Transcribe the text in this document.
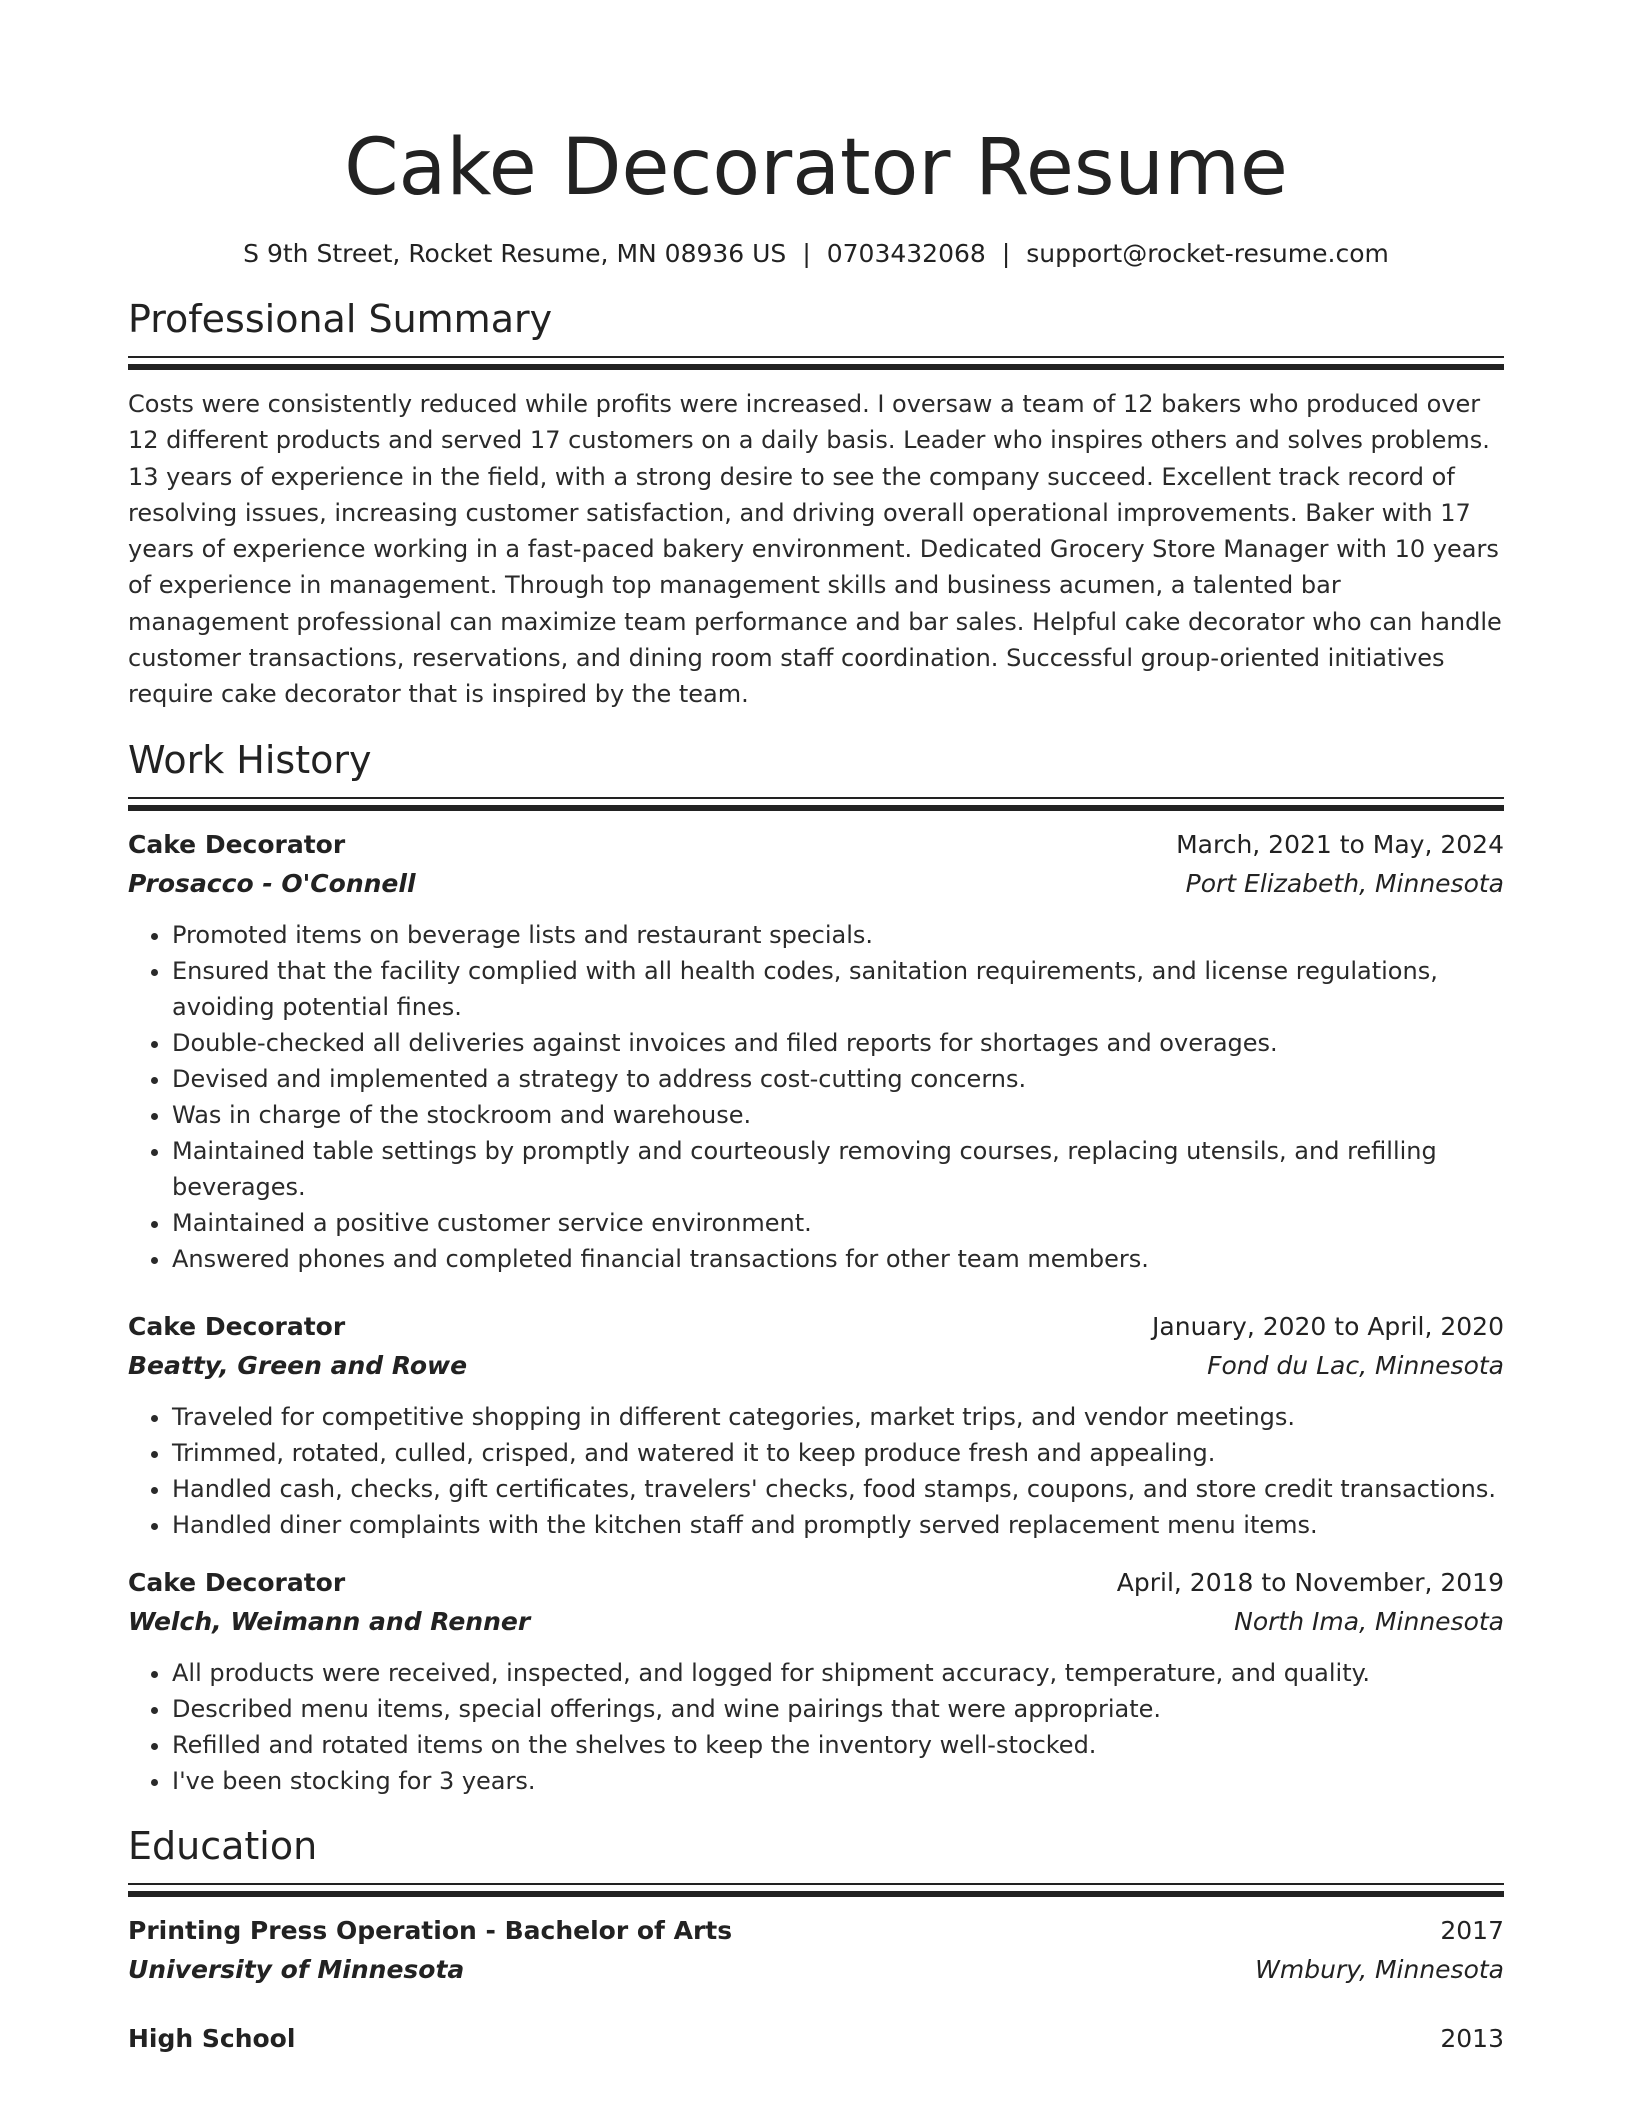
Cake Decorator Resume
S 9th Street, Rocket Resume, MN 08936 US | 0703432068 | support@rocket-resume.com
Professional Summary
Costs were consistently reduced while profits were increased. I oversaw a team of 12 bakers who produced over 12 different products and served 17 customers on a daily basis. Leader who inspires others and solves problems. 13 years of experience in the field, with a strong desire to see the company succeed. Excellent track record of resolving issues, increasing customer satisfaction, and driving overall operational improvements. Baker with 17 years of experience working in a fast-paced bakery environment. Dedicated Grocery Store Manager with 10 years of experience in management. Through top management skills and business acumen, a talented bar management professional can maximize team performance and bar sales. Helpful cake decorator who can handle customer transactions, reservations, and dining room staff coordination. Successful group-oriented initiatives require cake decorator that is inspired by the team.
Work History
Cake Decorator	March, 2021 to May, 2024
Prosacco - O'Connell	Port Elizabeth, Minnesota
• Promoted items on beverage lists and restaurant specials.
• Ensured that the facility complied with all health codes, sanitation requirements, and license regulations, avoiding potential fines.
• Double-checked all deliveries against invoices and filed reports for shortages and overages.
• Devised and implemented a strategy to address cost-cutting concerns.
• Was in charge of the stockroom and warehouse.
• Maintained table settings by promptly and courteously removing courses, replacing utensils, and refilling beverages.
• Maintained a positive customer service environment.
• Answered phones and completed financial transactions for other team members.
Cake Decorator	January, 2020 to April, 2020
Beatty, Green and Rowe	Fond du Lac, Minnesota
• Traveled for competitive shopping in different categories, market trips, and vendor meetings.
• Trimmed, rotated, culled, crisped, and watered it to keep produce fresh and appealing.
• Handled cash, checks, gift certificates, travelers' checks, food stamps, coupons, and store credit transactions.
• Handled diner complaints with the kitchen staff and promptly served replacement menu items.
Cake Decorator	April, 2018 to November, 2019
Welch, Weimann and Renner	North Ima, Minnesota
• All products were received, inspected, and logged for shipment accuracy, temperature, and quality.
• Described menu items, special offerings, and wine pairings that were appropriate.
• Refilled and rotated items on the shelves to keep the inventory well-stocked.
• I've been stocking for 3 years.
Education
Printing Press Operation - Bachelor of Arts	2017
University of Minnesota	Wmbury, Minnesota
High School	2013
